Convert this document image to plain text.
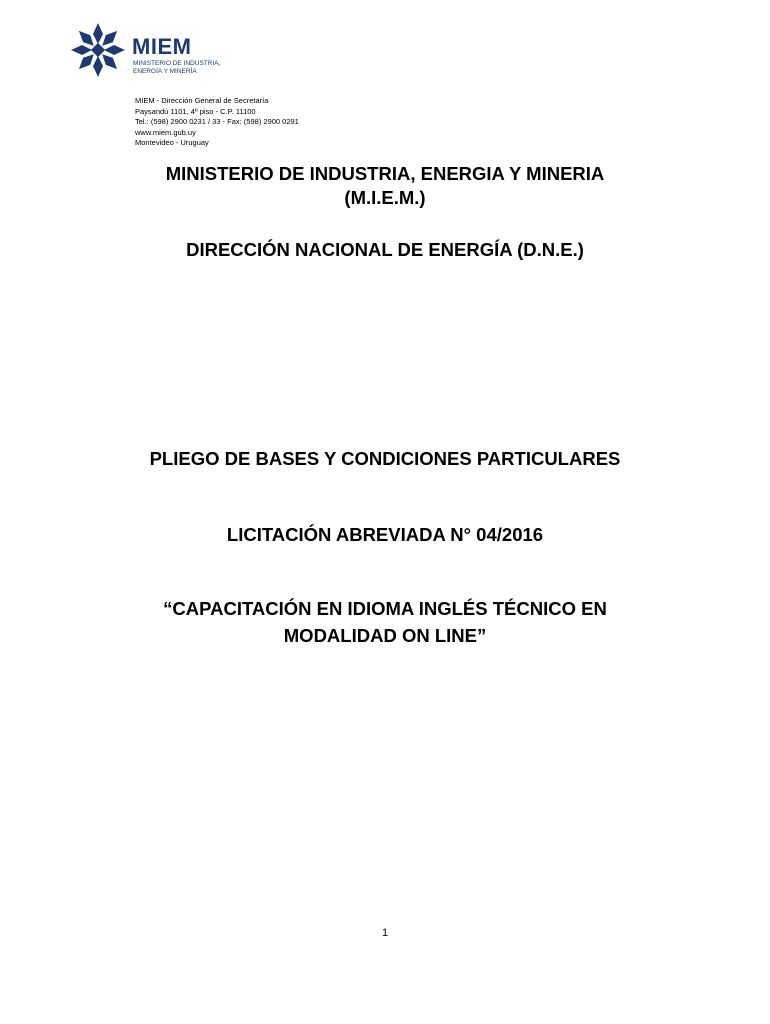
MIEM
MINISTERIO DE INDUSTRIA,
ENERGÍA Y MINERÍA
MIEM - Dirección General de Secretaría
Paysandú 1101, 4º piso - C.P. 11100
Tel.: (598) 2900 0231 / 33 - Fax: (598) 2900 0291
www.miem.gub.uy
Montevideo - Uruguay
MINISTERIO DE INDUSTRIA, ENERGIA Y MINERIA
(M.I.E.M.)
DIRECCIÓN NACIONAL DE ENERGÍA (D.N.E.)
PLIEGO DE BASES Y CONDICIONES PARTICULARES
LICITACIÓN ABREVIADA N° 04/2016
“CAPACITACIÓN EN IDIOMA INGLÉS TÉCNICO EN
MODALIDAD ON LINE”
1
